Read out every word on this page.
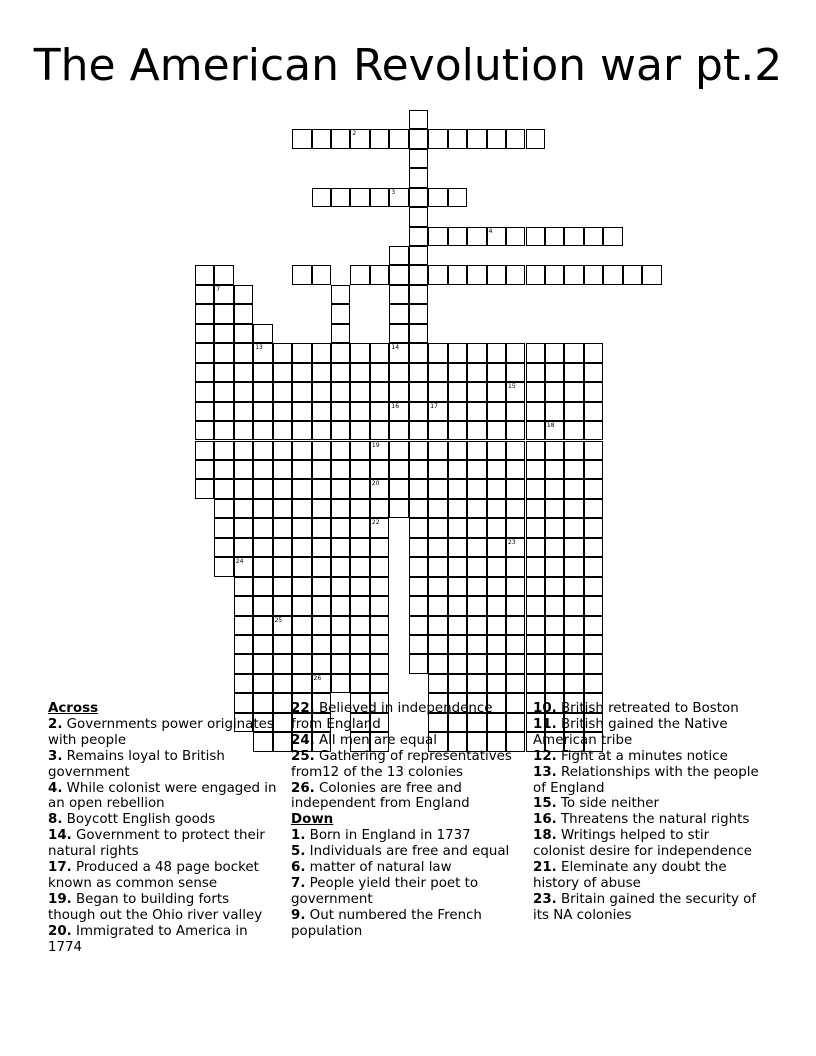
The American Revolution war pt.2
2
3
4
14
16
7
24
13
25
26
19
20
22
17
15
23
18

Across

2. Governments power originates with people

3. Remains loyal to British government

4. While colonist were engaged in an open rebellion

8. Boycott English goods

14. Government to protect their natural rights

17. Produced a 48 page bocket known as common sense

19. Began to building forts though out the Ohio river valley

20. Immigrated to America in 1774

22. Believed in independence from England

24. All men are equal

25. Gathering of representatives from12 of the 13 colonies

26. Colonies are free and independent from England

Down

1. Born in England in 1737

5. Individuals are free and equal

6. matter of natural law

7. People yield their poet to government

9. Out numbered the French population

10. British retreated to Boston

11. British gained the Native American tribe

12. Fight at a minutes notice

13. Relationships with the people of England

15. To side neither

16. Threatens the natural rights

18. Writings helped to stir colonist desire for independence

21. Eleminate any doubt the history of abuse

23. Britain gained the security of its NA colonies
